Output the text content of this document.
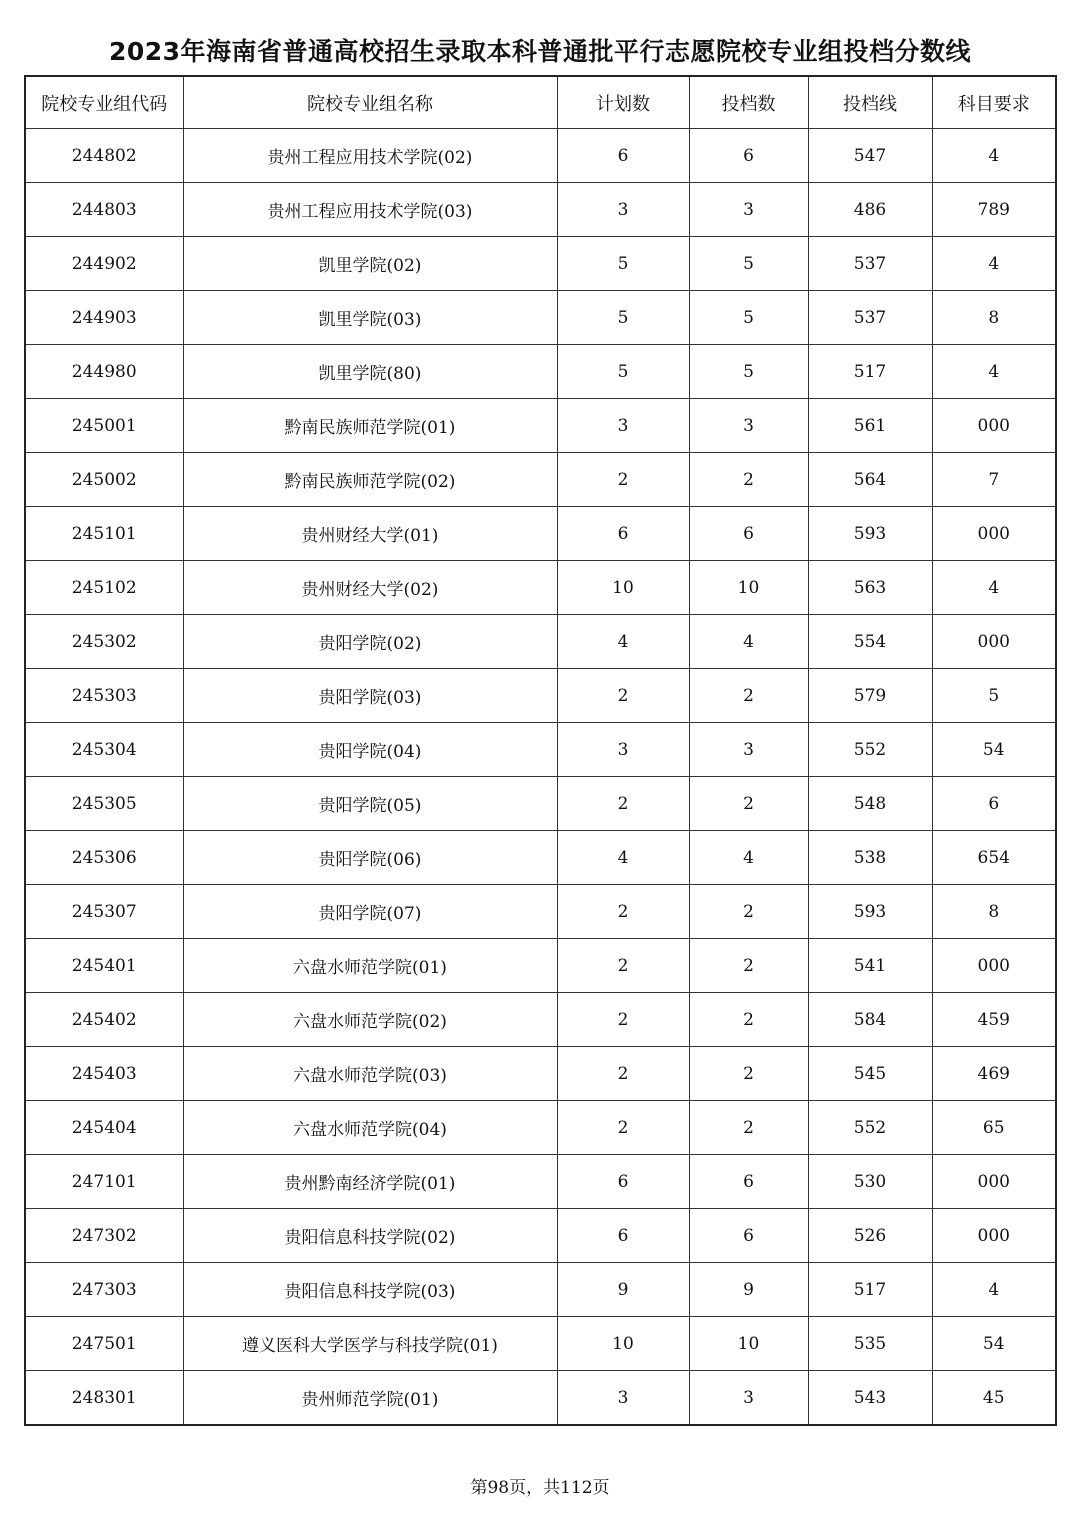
2023年海南省普通高校招生录取本科普通批平行志愿院校专业组投档分数线
院校专业组代码	院校专业组名称	计划数	投档数	投档线	科目要求
244802	贵州工程应用技术学院(02)	6	6	547	4
244803	贵州工程应用技术学院(03)	3	3	486	789
244902	凯里学院(02)	5	5	537	4
244903	凯里学院(03)	5	5	537	8
244980	凯里学院(80)	5	5	517	4
245001	黔南民族师范学院(01)	3	3	561	000
245002	黔南民族师范学院(02)	2	2	564	7
245101	贵州财经大学(01)	6	6	593	000
245102	贵州财经大学(02)	10	10	563	4
245302	贵阳学院(02)	4	4	554	000
245303	贵阳学院(03)	2	2	579	5
245304	贵阳学院(04)	3	3	552	54
245305	贵阳学院(05)	2	2	548	6
245306	贵阳学院(06)	4	4	538	654
245307	贵阳学院(07)	2	2	593	8
245401	六盘水师范学院(01)	2	2	541	000
245402	六盘水师范学院(02)	2	2	584	459
245403	六盘水师范学院(03)	2	2	545	469
245404	六盘水师范学院(04)	2	2	552	65
247101	贵州黔南经济学院(01)	6	6	530	000
247302	贵阳信息科技学院(02)	6	6	526	000
247303	贵阳信息科技学院(03)	9	9	517	4
247501	遵义医科大学医学与科技学院(01)	10	10	535	54
248301	贵州师范学院(01)	3	3	543	45
第98页，共112页
